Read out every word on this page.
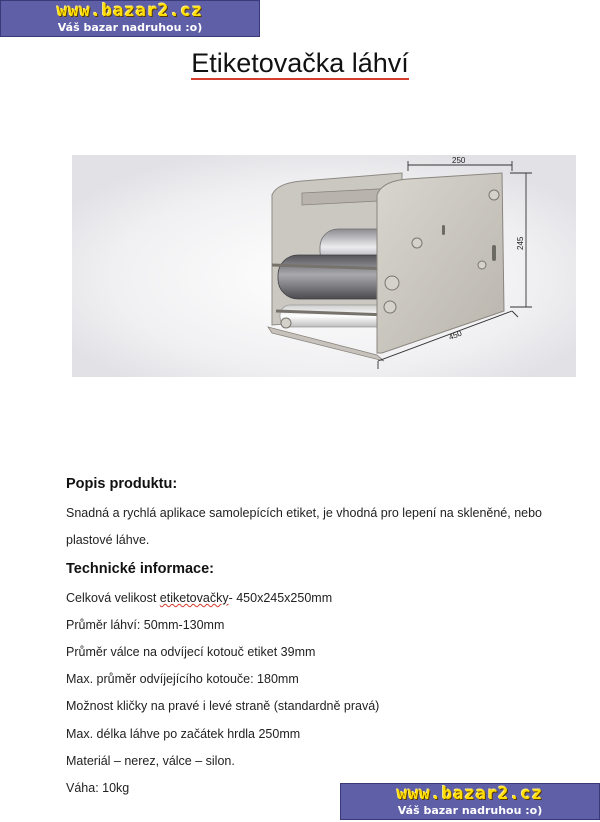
www.bazar2.cz
Váš bazar nadruhou :o)
Etiketovačka láhví
250
245
450
Popis produktu:
Snadná a rychlá aplikace samolepících etiket, je vhodná pro lepení na skleněné, nebo
plastové láhve.
Technické informace:
Celková velikost etiketovačky- 450x245x250mm
Průměr láhví: 50mm-130mm
Průměr válce na odvíjecí kotouč etiket 39mm
Max. průměr odvíjejícího kotouče: 180mm
Možnost kličky na pravé i levé straně (standardně pravá)
Max. délka láhve po začátek hrdla 250mm
Materiál – nerez, válce – silon.
Váha: 10kg	www.bazar2.cz
Váš bazar nadruhou :o)
